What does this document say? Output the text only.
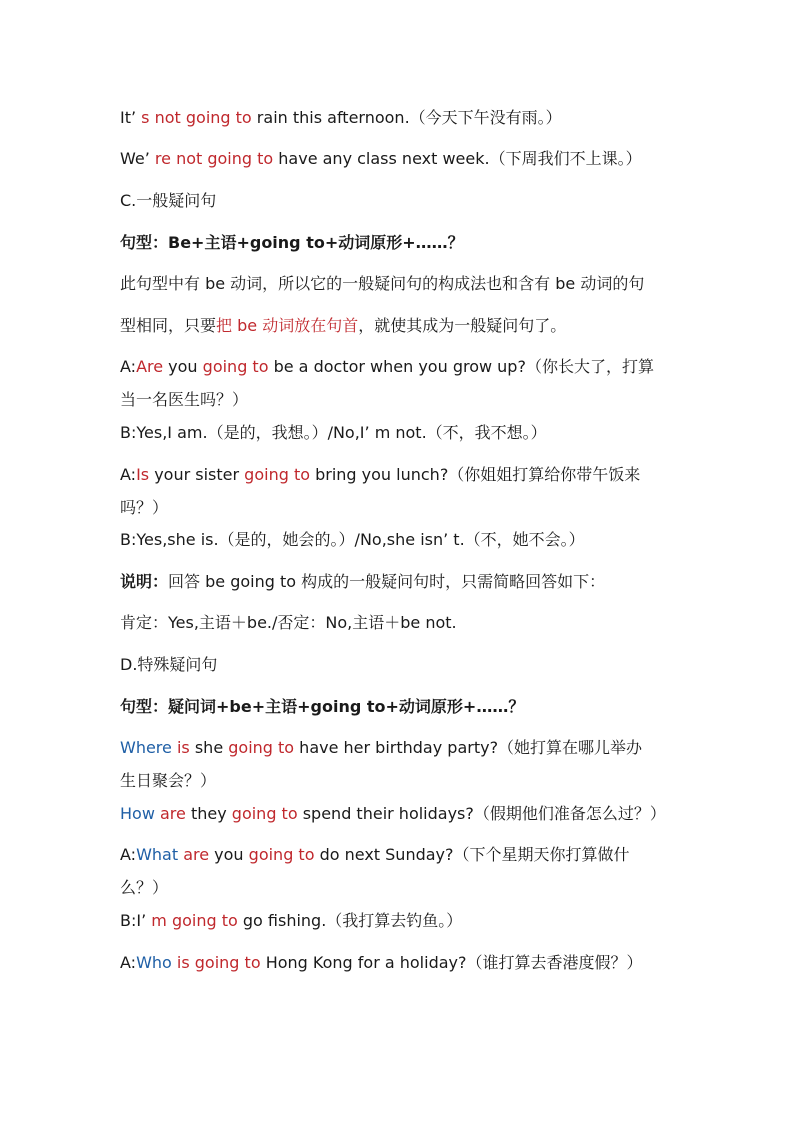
It’ s not going to rain this afternoon.（今天下午没有雨。）
We’ re not going to have any class next week.（下周我们不上课。）
C.一般疑问句
句型：Be+主语+going to+动词原形+……？
此句型中有 be 动词，所以它的一般疑问句的构成法也和含有 be 动词的句
型相同，只要把 be 动词放在句首，就使其成为一般疑问句了。
A:Are you going to be a doctor when you grow up?（你长大了，打算
当一名医生吗？）
B:Yes,I am.（是的，我想。）/No,I’ m not.（不，我不想。）
A:Is your sister going to bring you lunch?（你姐姐打算给你带午饭来
吗？）
B:Yes,she is.（是的，她会的。）/No,she isn’ t.（不，她不会。）
说明：回答 be going to 构成的一般疑问句时，只需简略回答如下：
肯定：Yes,主语＋be./否定：No,主语＋be not.
D.特殊疑问句
句型：疑问词+be+主语+going to+动词原形+……？
Where is she going to have her birthday party?（她打算在哪儿举办
生日聚会？）
How are they going to spend their holidays?（假期他们准备怎么过？）
A:What are you going to do next Sunday?（下个星期天你打算做什
么？）
B:I’ m going to go fishing.（我打算去钓鱼。）
A:Who is going to Hong Kong for a holiday?（谁打算去香港度假？）
